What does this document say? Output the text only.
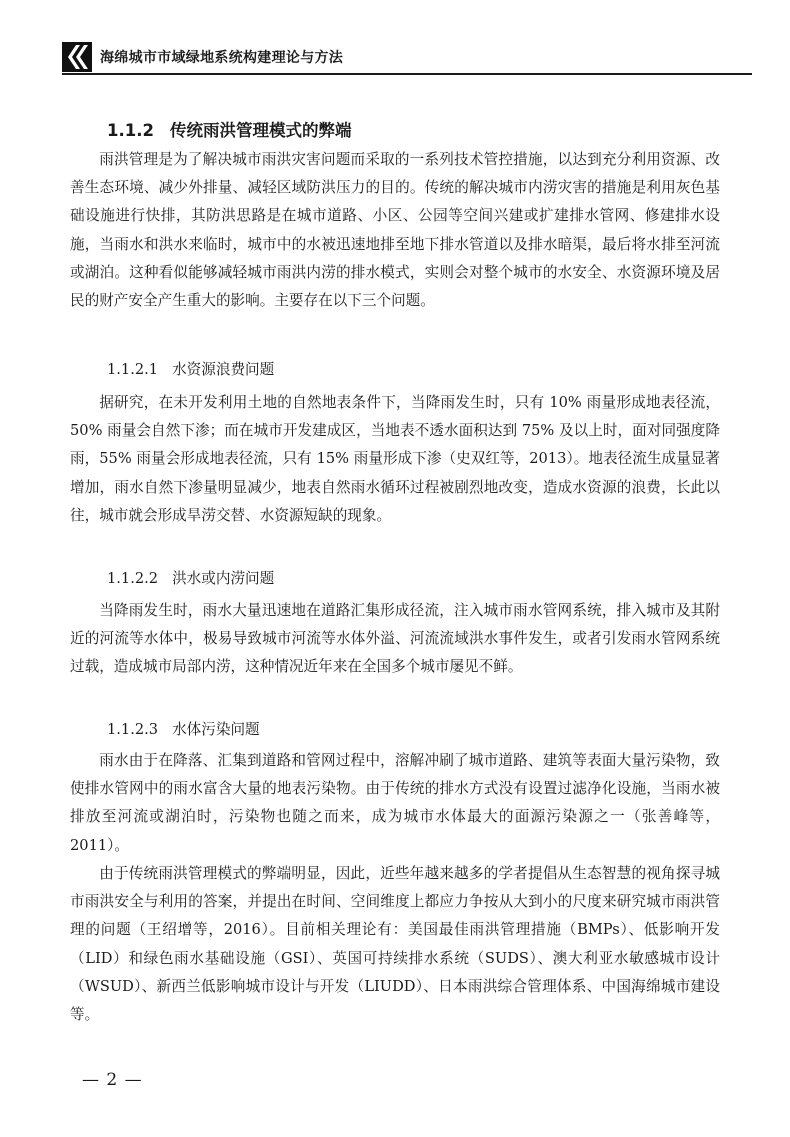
海绵城市市域绿地系统构建理论与方法
1.1.2 传统雨洪管理模式的弊端

雨洪管理是为了解决城市雨洪灾害问题而采取的一系列技术管控措施，以达到充分利用资源、改善生态环境、减少外排量、减轻区域防洪压力的目的。传统的解决城市内涝灾害的措施是利用灰色基础设施进行快排，其防洪思路是在城市道路、小区、公园等空间兴建或扩建排水管网、修建排水设施，当雨水和洪水来临时，城市中的水被迅速地排至地下排水管道以及排水暗渠，最后将水排至河流或湖泊。这种看似能够减轻城市雨洪内涝的排水模式，实则会对整个城市的水安全、水资源环境及居民的财产安全产生重大的影响。主要存在以下三个问题。

1.1.2.1 水资源浪费问题

据研究，在未开发利用土地的自然地表条件下，当降雨发生时，只有 10% 雨量形成地表径流，50% 雨量会自然下渗；而在城市开发建成区，当地表不透水面积达到 75% 及以上时，面对同强度降雨，55% 雨量会形成地表径流，只有 15% 雨量形成下渗（史双红等，2013）。地表径流生成量显著增加，雨水自然下渗量明显减少，地表自然雨水循环过程被剧烈地改变，造成水资源的浪费，长此以往，城市就会形成旱涝交替、水资源短缺的现象。

1.1.2.2 洪水或内涝问题

当降雨发生时，雨水大量迅速地在道路汇集形成径流，注入城市雨水管网系统，排入城市及其附近的河流等水体中，极易导致城市河流等水体外溢、河流流域洪水事件发生，或者引发雨水管网系统过载，造成城市局部内涝，这种情况近年来在全国多个城市屡见不鲜。

1.1.2.3 水体污染问题

雨水由于在降落、汇集到道路和管网过程中，溶解冲刷了城市道路、建筑等表面大量污染物，致使排水管网中的雨水富含大量的地表污染物。由于传统的排水方式没有设置过滤净化设施，当雨水被排放至河流或湖泊时，污染物也随之而来，成为城市水体最大的面源污染源之一（张善峰等，2011）。

由于传统雨洪管理模式的弊端明显，因此，近些年越来越多的学者提倡从生态智慧的视角探寻城市雨洪安全与利用的答案，并提出在时间、空间维度上都应力争按从大到小的尺度来研究城市雨洪管理的问题（王绍增等，2016）。目前相关理论有：美国最佳雨洪管理措施（BMPs）、低影响开发（LID）和绿色雨水基础设施（GSI）、英国可持续排水系统（SUDS）、澳大利亚水敏感城市设计（WSUD）、新西兰低影响城市设计与开发（LIUDD）、日本雨洪综合管理体系、中国海绵城市建设等。

— 2 —
